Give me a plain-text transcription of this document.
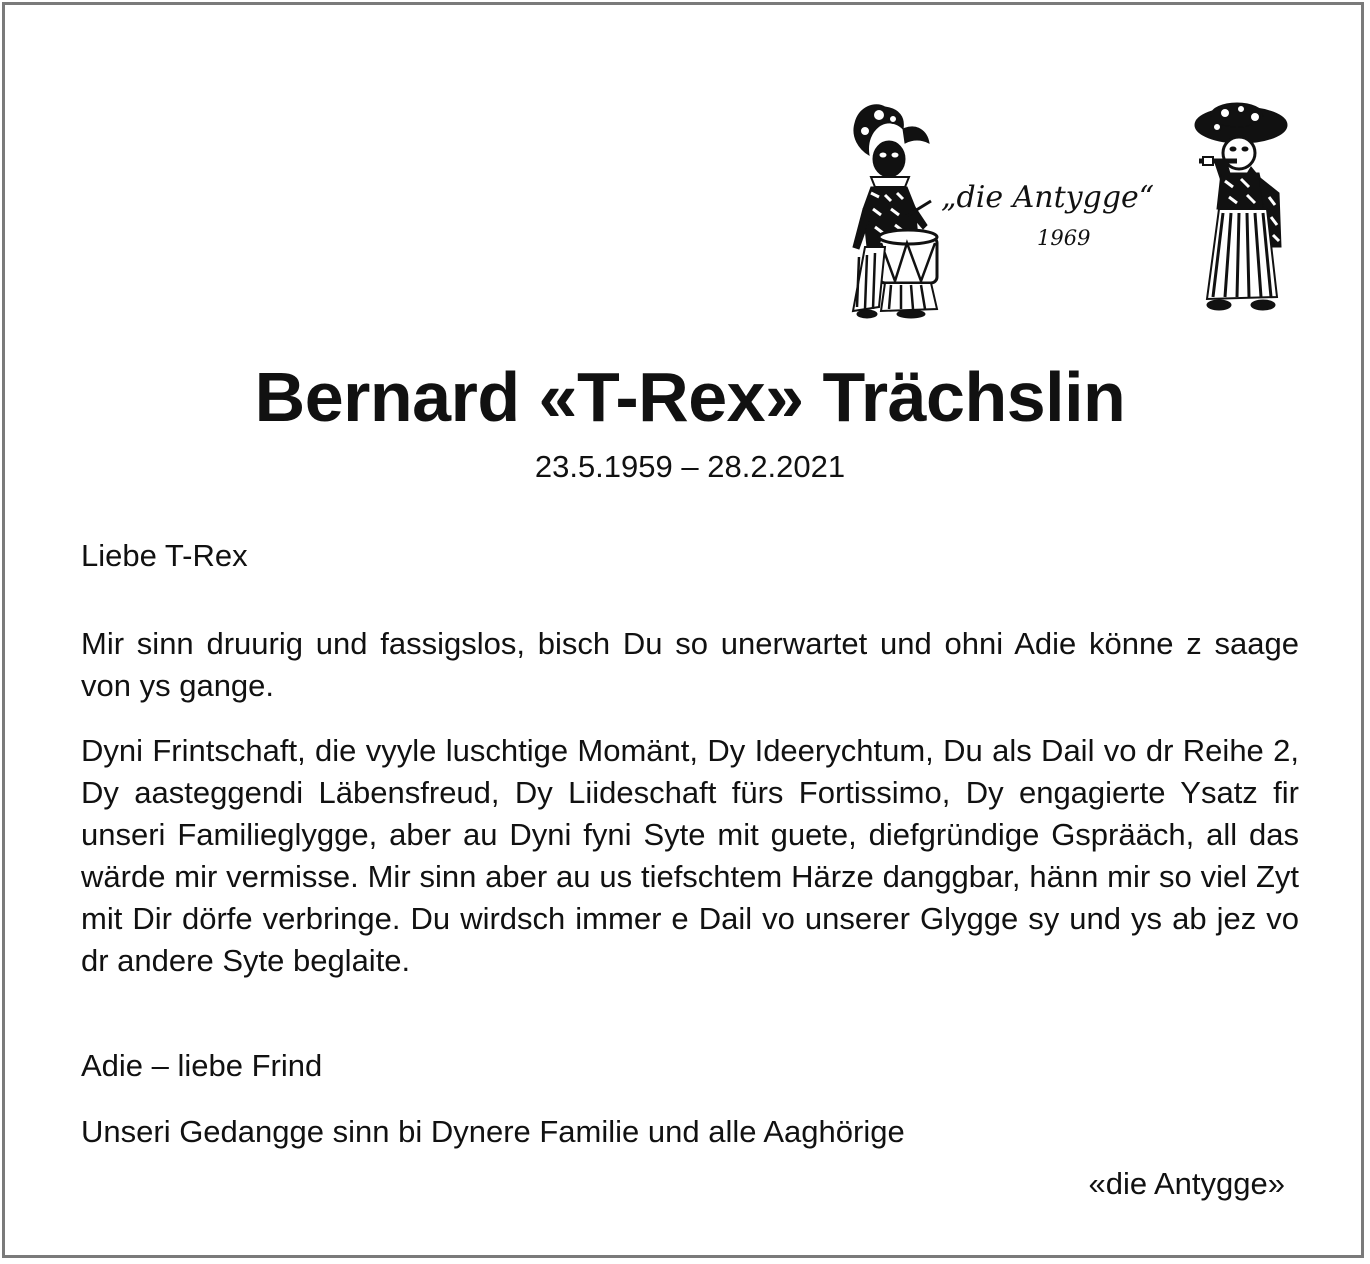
„die Antygge“
1969
Bernard «T-Rex» Trächslin
23.5.1959 – 28.2.2021
Liebe T-Rex
Mir sinn druurig und fassigslos, bisch Du so unerwartet und ohni Adie könne z saage von ys gange.
Dyni Frintschaft, die vyyle luschtige Momänt, Dy Ideerychtum, Du als Dail vo dr Reihe 2, Dy aasteggendi Läbensfreud, Dy Liideschaft fürs Fortissimo, Dy engagierte Ysatz fir unseri Familieglygge, aber au Dyni fyni Syte mit guete, diefgründige Gsprääch, all das wärde mir vermisse. Mir sinn aber au us tiefschtem Härze danggbar, hänn mir so viel Zyt mit Dir dörfe verbringe. Du wirdsch immer e Dail vo unserer Glygge sy und ys ab jez vo dr andere Syte beglaite.
Adie – liebe Frind
Unseri Gedangge sinn bi Dynere Familie und alle Aaghörige
«die Antygge»
